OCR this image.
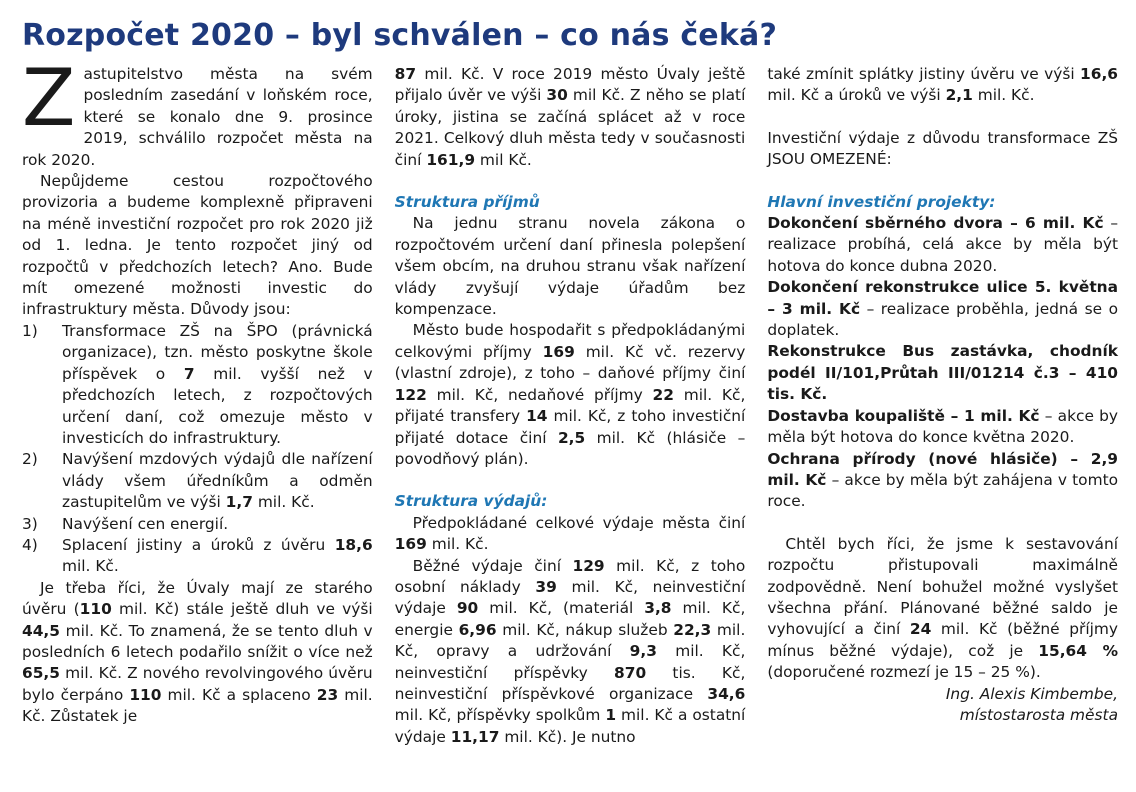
Rozpočet 2020 – byl schválen – co nás čeká?

Zastupitelstvo města na svém posledním zasedání v loňském roce, které se konalo dne 9. prosince 2019, schválilo rozpočet města na rok 2020.

Nepůjdeme cestou rozpočtového provizoria a budeme komplexně připraveni na méně investiční rozpočet pro rok 2020 již od 1. ledna. Je tento rozpočet jiný od rozpočtů v předchozích letech? Ano. Bude mít omezené možnosti investic do infrastruktury města. Důvody jsou:

1) Transformace ZŠ na ŠPO (právnická organizace), tzn. město poskytne škole příspěvek o 7 mil. vyšší než v předchozích letech, z rozpočtových určení daní, což omezuje město v investicích do infrastruktury.
2) Navýšení mzdových výdajů dle nařízení vlády všem úředníkům a odměn zastupitelům ve výši 1,7 mil. Kč.
3) Navýšení cen energií.
4) Splacení jistiny a úroků z úvěru 18,6 mil. Kč.

Je třeba říci, že Úvaly mají ze starého úvěru (110 mil. Kč) stále ještě dluh ve výši 44,5 mil. Kč. To znamená, že se tento dluh v posledních 6 letech podařilo snížit o více než 65,5 mil. Kč. Z nového revolvingového úvěru bylo čerpáno 110 mil. Kč a splaceno 23 mil. Kč. Zůstatek je

87 mil. Kč. V roce 2019 město Úvaly ještě přijalo úvěr ve výši 30 mil Kč. Z něho se platí úroky, jistina se začíná splácet až v roce 2021. Celkový dluh města tedy v současnosti činí 161,9 mil Kč.

Struktura příjmů

Na jednu stranu novela zákona o rozpočtovém určení daní přinesla polepšení všem obcím, na druhou stranu však nařízení vlády zvyšují výdaje úřadům bez kompenzace.

Město bude hospodařit s předpokládanými celkovými příjmy 169 mil. Kč vč. rezervy (vlastní zdroje), z toho – daňové příjmy činí 122 mil. Kč, nedaňové příjmy 22 mil. Kč, přijaté transfery 14 mil. Kč, z toho investiční přijaté dotace činí 2,5 mil. Kč (hlásiče – povodňový plán).

Struktura výdajů:

Předpokládané celkové výdaje města činí 169 mil. Kč.

Běžné výdaje činí 129 mil. Kč, z toho osobní náklady 39 mil. Kč, neinvestiční výdaje 90 mil. Kč, (materiál 3,8 mil. Kč, energie 6,96 mil. Kč, nákup služeb 22,3 mil. Kč, opravy a udržování 9,3 mil. Kč, neinvestiční příspěvky 870 tis. Kč, neinvestiční příspěvkové organizace 34,6 mil. Kč, příspěvky spolkům 1 mil. Kč a ostatní výdaje 11,17 mil. Kč). Je nutno

také zmínit splátky jistiny úvěru ve výši 16,6 mil. Kč a úroků ve výši 2,1 mil. Kč.

Investiční výdaje z důvodu transformace ZŠ JSOU OMEZENÉ:

Hlavní investiční projekty:

Dokončení sběrného dvora – 6 mil. Kč – realizace probíhá, celá akce by měla být hotova do konce dubna 2020.

Dokončení rekonstrukce ulice 5. května – 3 mil. Kč – realizace proběhla, jedná se o doplatek.

Rekonstrukce Bus zastávka, chodník podél II/101,Průtah III/01214 č.3 – 410 tis. Kč.

Dostavba koupaliště – 1 mil. Kč – akce by měla být hotova do konce května 2020.

Ochrana přírody (nové hlásiče) – 2,9 mil. Kč – akce by měla být zahájena v tomto roce.

Chtěl bych říci, že jsme k sestavování rozpočtu přistupovali maximálně zodpovědně. Není bohužel možné vyslyšet všechna přání. Plánované běžné saldo je vyhovující a činí 24 mil. Kč (běžné příjmy mínus běžné výdaje), což je 15,64 % (doporučené rozmezí je 15 – 25 %).

Ing. Alexis Kimbembe,

místostarosta města
